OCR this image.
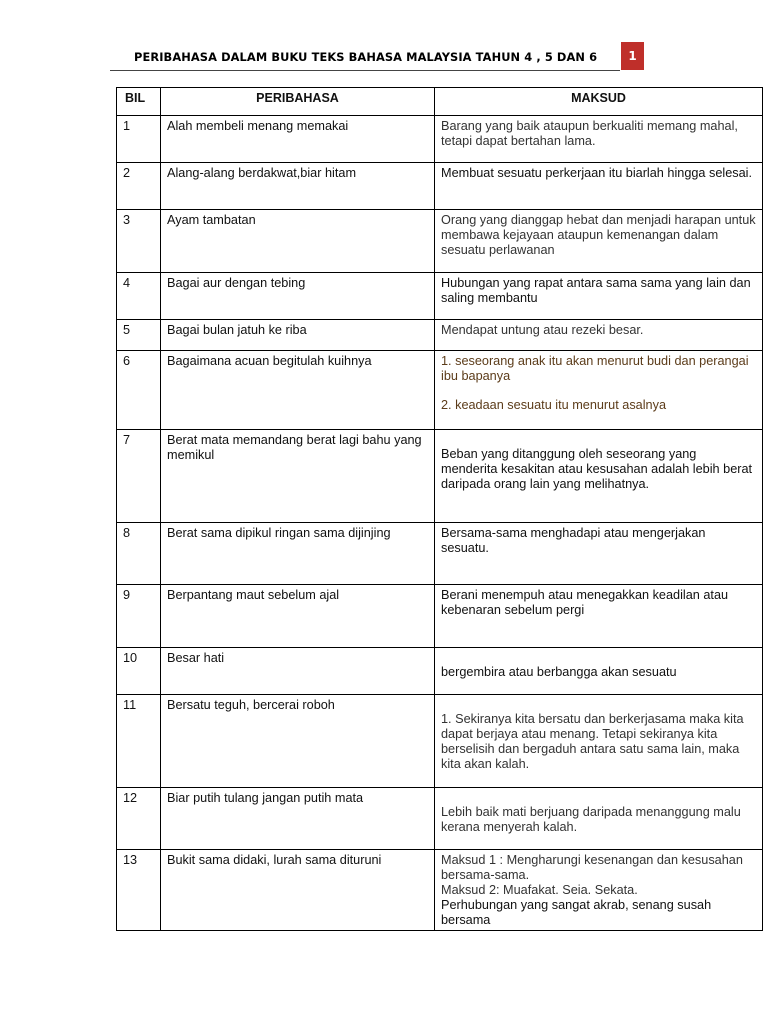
PERIBAHASA DALAM BUKU TEKS BAHASA MALAYSIA TAHUN 4 , 5 DAN 6	1
BIL	PERIBAHASA	MAKSUD
1	Alah membeli menang memakai	Barang yang baik ataupun berkualiti memang mahal, tetapi dapat bertahan lama.
2	Alang-alang berdakwat,biar hitam	Membuat sesuatu perkerjaan itu biarlah hingga selesai.
3	Ayam tambatan	Orang yang dianggap hebat dan menjadi harapan untuk membawa kejayaan ataupun kemenangan dalam sesuatu perlawanan
4	Bagai aur dengan tebing	Hubungan yang rapat antara sama sama yang lain dan saling membantu
5	Bagai bulan jatuh ke riba	Mendapat untung atau rezeki besar.
6	Bagaimana acuan begitulah kuihnya	1. seseorang anak itu akan menurut budi dan perangai ibu bapanya
2. keadaan sesuatu itu menurut asalnya

7	Berat mata memandang berat lagi bahu yang memikul	Beban yang ditanggung oleh seseorang yang menderita kesakitan atau kesusahan adalah lebih berat daripada orang lain yang melihatnya.

8	Berat sama dipikul ringan sama dijinjing	Bersama-sama menghadapi atau mengerjakan sesuatu.
9	Berpantang maut sebelum ajal	Berani menempuh atau menegakkan keadilan atau kebenaran sebelum pergi
10	Besar hati	bergembira atau berbangga akan sesuatu

11	Bersatu teguh, bercerai roboh	1. Sekiranya kita bersatu dan berkerjasama maka kita dapat berjaya atau menang. Tetapi sekiranya kita berselisih dan bergaduh antara satu sama lain, maka kita akan kalah.

12	Biar putih tulang jangan putih mata	Lebih baik mati berjuang daripada menanggung malu kerana menyerah kalah.

13	Bukit sama didaki, lurah sama dituruni	Maksud 1 : Mengharungi kesenangan dan kesusahan bersama-sama.
Maksud 2: Muafakat. Seia. Sekata.
Perhubungan yang sangat akrab, senang susah bersama
